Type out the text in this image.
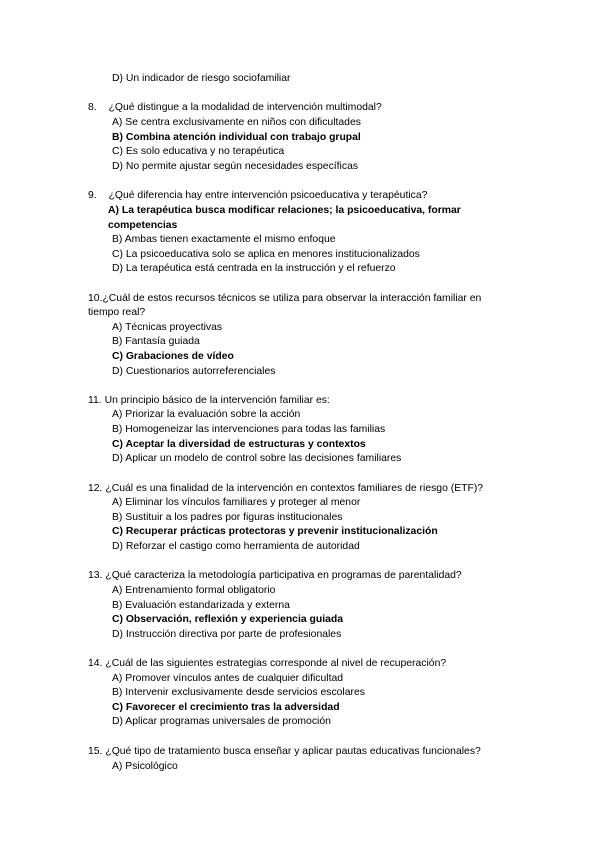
D) Un indicador de riesgo sociofamiliar
8. ¿Qué distingue a la modalidad de intervención multimodal?
A) Se centra exclusivamente en niños con dificultades
B) Combina atención individual con trabajo grupal
C) Es solo educativa y no terapéutica
D) No permite ajustar según necesidades específicas
9. ¿Qué diferencia hay entre intervención psicoeducativa y terapéutica?
A) La terapéutica busca modificar relaciones; la psicoeducativa, formar
competencias
B) Ambas tienen exactamente el mismo enfoque
C) La psicoeducativa solo se aplica en menores institucionalizados
D) La terapéutica está centrada en la instrucción y el refuerzo
10.¿Cuál de estos recursos técnicos se utiliza para observar la interacción familiar en
tiempo real?
A) Técnicas proyectivas
B) Fantasía guiada
C) Grabaciones de vídeo
D) Cuestionarios autorreferenciales
11. Un principio básico de la intervención familiar es:
A) Priorizar la evaluación sobre la acción
B) Homogeneizar las intervenciones para todas las familias
C) Aceptar la diversidad de estructuras y contextos
D) Aplicar un modelo de control sobre las decisiones familiares
12. ¿Cuál es una finalidad de la intervención en contextos familiares de riesgo (ETF)?
A) Eliminar los vínculos familiares y proteger al menor
B) Sustituir a los padres por figuras institucionales
C) Recuperar prácticas protectoras y prevenir institucionalización
D) Reforzar el castigo como herramienta de autoridad
13. ¿Qué caracteriza la metodología participativa en programas de parentalidad?
A) Entrenamiento formal obligatorio
B) Evaluación estandarizada y externa
C) Observación, reflexión y experiencia guiada
D) Instrucción directiva por parte de profesionales
14. ¿Cuál de las siguientes estrategias corresponde al nivel de recuperación?
A) Promover vínculos antes de cualquier dificultad
B) Intervenir exclusivamente desde servicios escolares
C) Favorecer el crecimiento tras la adversidad
D) Aplicar programas universales de promoción
15. ¿Qué tipo de tratamiento busca enseñar y aplicar pautas educativas funcionales?
A) Psicológico
